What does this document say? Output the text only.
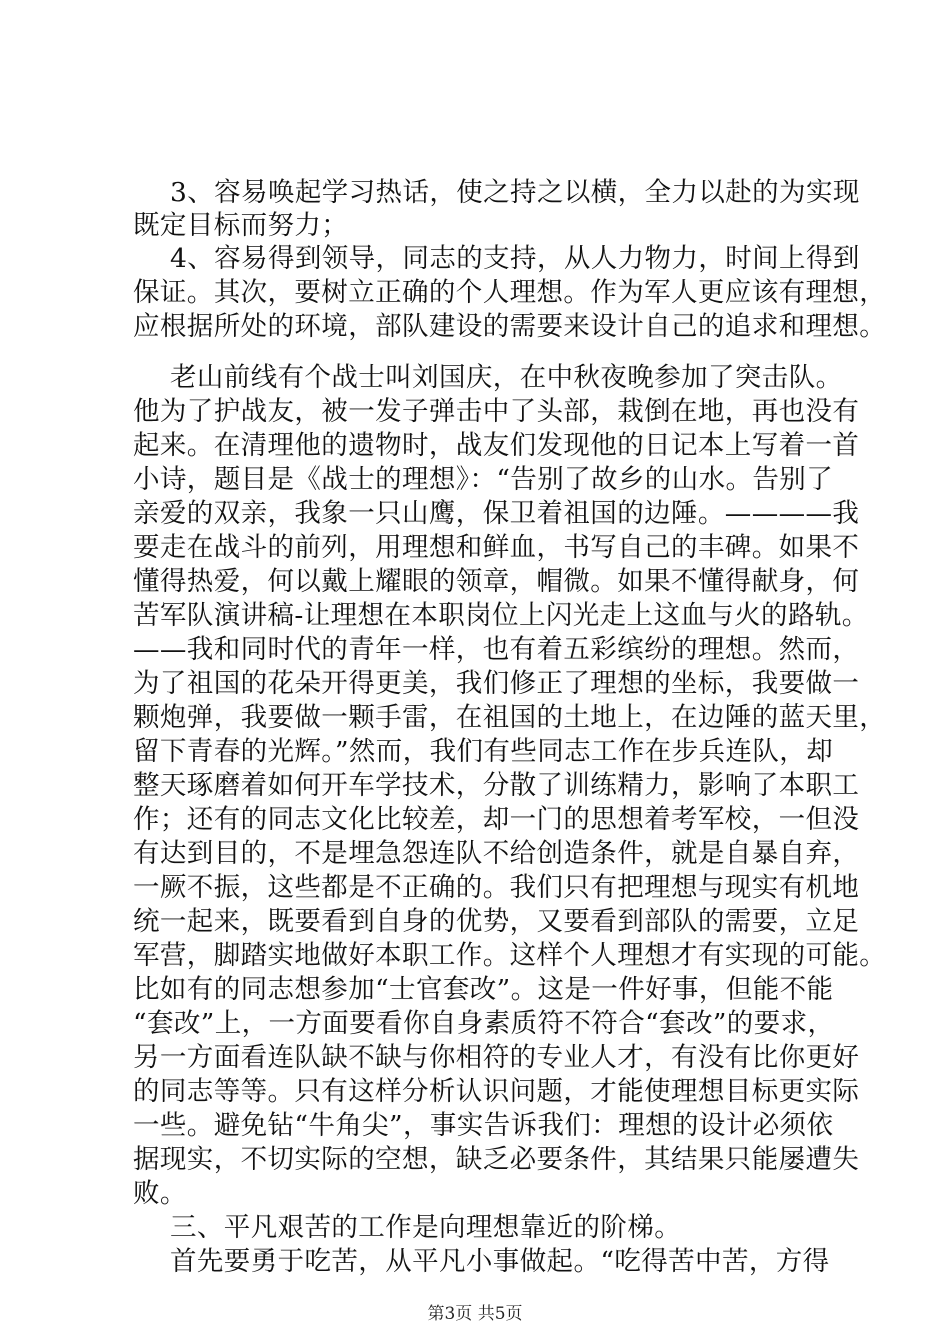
3、容易唤起学习热话，使之持之以横，全力以赴的为实现
既定目标而努力；
4、容易得到领导，同志的支持，从人力物力，时间上得到
保证。其次，要树立正确的个人理想。作为军人更应该有理想，
应根据所处的环境，部队建设的需要来设计自己的追求和理想。
老山前线有个战士叫刘国庆，在中秋夜晚参加了突击队。
他为了护战友，被一发子弹击中了头部，栽倒在地，再也没有
起来。在清理他的遗物时，战友们发现他的日记本上写着一首
小诗，题目是《战士的理想》：“告别了故乡的山水。告别了
亲爱的双亲，我象一只山鹰，保卫着祖国的边陲。————我
要走在战斗的前列，用理想和鲜血，书写自己的丰碑。如果不
懂得热爱，何以戴上耀眼的领章，帽微。如果不懂得献身，何
苦军队演讲稿-让理想在本职岗位上闪光走上这血与火的路轨。
——我和同时代的青年一样，也有着五彩缤纷的理想。然而，
为了祖国的花朵开得更美，我们修正了理想的坐标，我要做一
颗炮弹，我要做一颗手雷，在祖国的土地上，在边陲的蓝天里，
留下青春的光辉。”然而，我们有些同志工作在步兵连队，却
整天琢磨着如何开车学技术，分散了训练精力，影响了本职工
作；还有的同志文化比较差，却一门的思想着考军校，一但没
有达到目的，不是埋急怨连队不给创造条件，就是自暴自弃，
一厥不振，这些都是不正确的。我们只有把理想与现实有机地
统一起来，既要看到自身的优势，又要看到部队的需要，立足
军营，脚踏实地做好本职工作。这样个人理想才有实现的可能。
比如有的同志想参加“士官套改”。这是一件好事，但能不能
“套改”上，一方面要看你自身素质符不符合“套改”的要求，
另一方面看连队缺不缺与你相符的专业人才，有没有比你更好
的同志等等。只有这样分析认识问题，才能使理想目标更实际
一些。避免钻“牛角尖”，事实告诉我们：理想的设计必须依
据现实，不切实际的空想，缺乏必要条件，其结果只能屡遭失
败。
三、平凡艰苦的工作是向理想靠近的阶梯。
首先要勇于吃苦，从平凡小事做起。“吃得苦中苦，方得
第3页 共5页
